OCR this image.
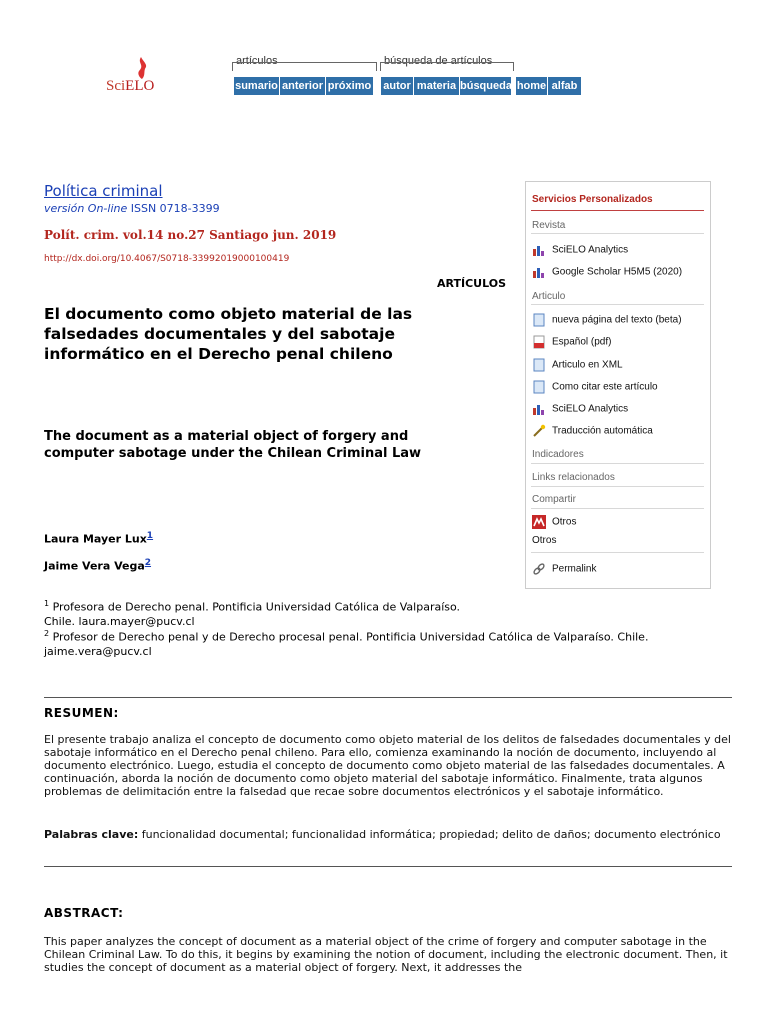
SciELO
artículos	búsqueda de artículos
sumario anterior próximo autor materia búsqueda home alfab
Política criminal
versión On-line ISSN 0718-3399
Polít. crim. vol.14 no.27 Santiago jun. 2019
http://dx.doi.org/10.4067/S0718-33992019000100419
ARTÍCULOS
El documento como objeto material de las falsedades documentales y del sabotaje informático en el Derecho penal chileno
The document as a material object of forgery and computer sabotage under the Chilean Criminal Law
Laura Mayer Lux$^1$
Jaime Vera Vega$^2$
$^1$ Profesora de Derecho penal. Pontificia Universidad Católica de Valparaíso.
Chile. laura.mayer@pucv.cl
$^2$ Profesor de Derecho penal y de Derecho procesal penal. Pontificia Universidad Católica de Valparaíso. Chile.
jaime.vera@pucv.cl
RESUMEN:
El presente trabajo analiza el concepto de documento como objeto material de los delitos de falsedades documentales y del sabotaje informático en el Derecho penal chileno. Para ello, comienza examinando la noción de documento, incluyendo al documento electrónico. Luego, estudia el concepto de documento como objeto material de las falsedades documentales. A continuación, aborda la noción de documento como objeto material del sabotaje informático. Finalmente, trata algunos problemas de delimitación entre la falsedad que recae sobre documentos electrónicos y el sabotaje informático.
Palabras clave: funcionalidad documental; funcionalidad informática; propiedad; delito de daños; documento electrónico
ABSTRACT:
This paper analyzes the concept of document as a material object of the crime of forgery and computer sabotage in the Chilean Criminal Law. To do this, it begins by examining the notion of document, including the electronic document. Then, it studies the concept of document as a material object of forgery. Next, it addresses the
Servicios Personalizados
Revista
SciELO Analytics
Google Scholar H5M5 (2020)
Articulo
nueva página del texto (beta)
Español (pdf)
Articulo en XML
Como citar este artículo
SciELO Analytics
Traducción automática
Indicadores
Links relacionados
Compartir
Otros
Otros
Permalink
